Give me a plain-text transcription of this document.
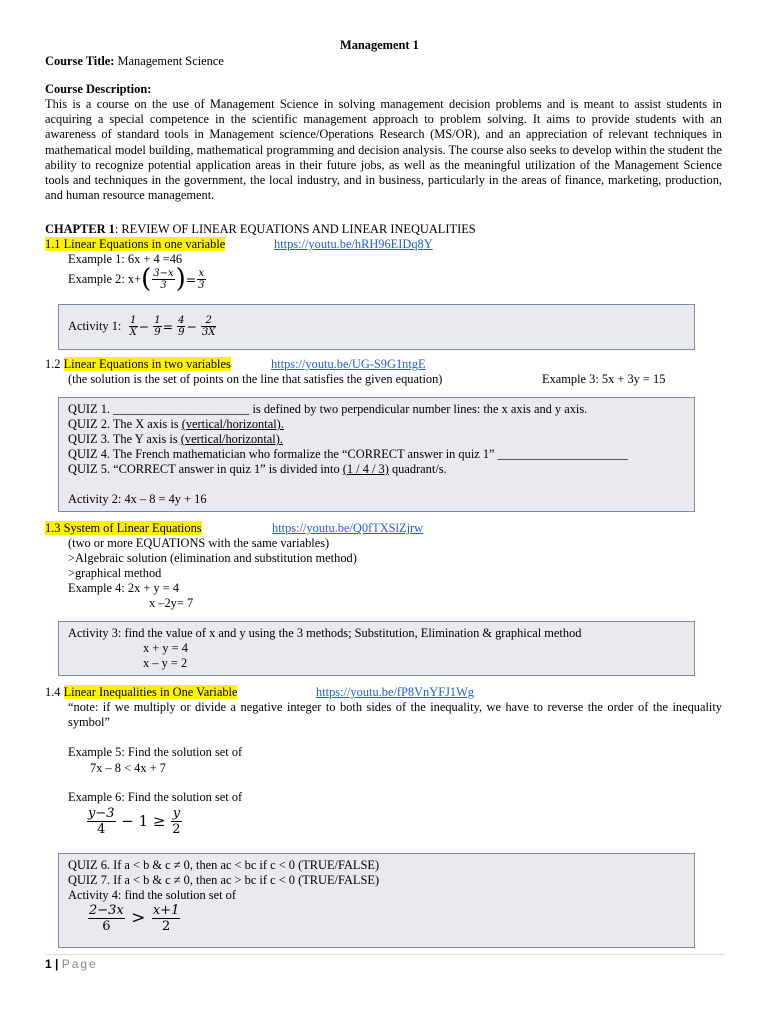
Management 1
Course Title: Management Science
Course Description:
This is a course on the use of Management Science in solving management decision problems and is meant to assist students in acquiring a special competence in the scientific management approach to problem solving. It aims to provide students with an awareness of standard tools in Management science/Operations Research (MS/OR), and an appreciation of relevant techniques in mathematical model building, mathematical programming and decision analysis. The course also seeks to develop within the student the ability to recognize potential application areas in their future jobs, as well as the meaningful utilization of the Management Science tools and techniques in the government, the local industry, and in business, particularly in the areas of finance, marketing, production, and human resource management.
CHAPTER 1: REVIEW OF LINEAR EQUATIONS AND LINEAR INEQUALITIES
1.1 Linear Equations in one variable	https://youtu.be/hRH96EIDq8Y
Example 1: 6x + 4 =46
Example 2: $x+( \frac{3-x}{3}$ )= $\frac{x}{3}$
Activity 1: $\frac{1}{X} - \frac{1}{9} = \frac{4}{9} - \frac{2}{3X}$
1.2 Linear Equations in two variables	https://youtu.be/UG-S9G1ntgE
(the solution is the set of points on the line that satisfies the given equation)	Example 3: 5x + 3y = 15
QUIZ 1. ______________________ is defined by two perpendicular number lines: the x axis and y axis.
QUIZ 2. The X axis is (vertical/horizontal).
QUIZ 3. The Y axis is (vertical/horizontal).
QUIZ 4. The French mathematician who formalize the “CORRECT answer in quiz 1” _____________________
QUIZ 5. “CORRECT answer in quiz 1” is divided into (1 / 4 / 3) quadrant/s.
Activity 2: 4x – 8 = 4y + 16
1.3 System of Linear Equations	https://youtu.be/Q0fTXSlZjrw
(two or more EQUATIONS with the same variables)
>Algebraic solution (elimination and substitution method)
>graphical method
Example 4: 2x + y = 4
x –2y= 7
Activity 3: find the value of x and y using the 3 methods; Substitution, Elimination & graphical method
x + y = 4
x – y = 2
1.4 Linear Inequalities in One Variable	https://youtu.be/fP8VnYFJ1Wg
“note: if we multiply or divide a negative integer to both sides of the inequality, we have to reverse the order of the inequality symbol”
Example 5: Find the solution set of
7x – 8 < 4x + 7
Example 6: Find the solution set of
$\frac{y-3}{4} - 1 \ge \frac{y}{2}$
QUIZ 6. If a < b & c ≠ 0, then ac < bc if c < 0 (TRUE/FALSE)
QUIZ 7. If a < b & c ≠ 0, then ac > bc if c < 0 (TRUE/FALSE)
Activity 4: find the solution set of
$\frac{2-3x}{6} > \frac{x+1}{2}$
1 | Page
